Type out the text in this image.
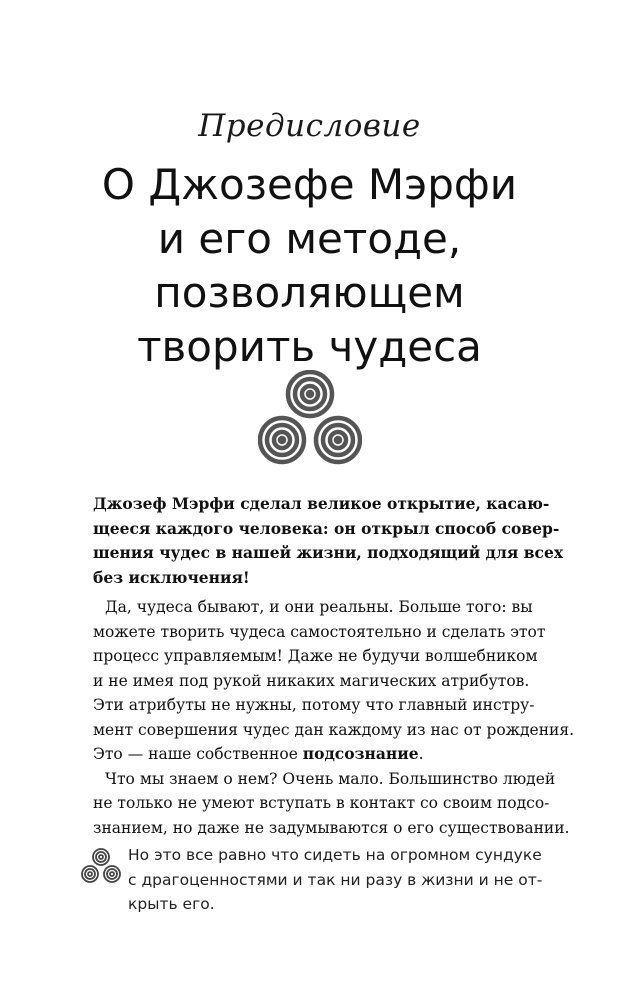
Предисловие
О Джозефе Мэрфи
и его методе,
позволяющем
творить чудеса
Джозеф Мэрфи сделал великое открытие, касаю-
щееся каждого человека: он открыл способ совер-
шения чудес в нашей жизни, подходящий для всех
без исключения!
Да, чудеса бывают, и они реальны. Больше того: вы
можете творить чудеса самостоятельно и сделать этот
процесс управляемым! Даже не будучи волшебником
и не имея под рукой никаких магических атрибутов.
Эти атрибуты не нужны, потому что главный инстру-
мент совершения чудес дан каждому из нас от рождения.
Это — наше собственное подсознание.
Что мы знаем о нем? Очень мало. Большинство людей
не только не умеют вступать в контакт со своим подсо-
знанием, но даже не задумываются о его существовании.
Но это все равно что сидеть на огромном сундуке
с драгоценностями и так ни разу в жизни и не от-
крыть его.
